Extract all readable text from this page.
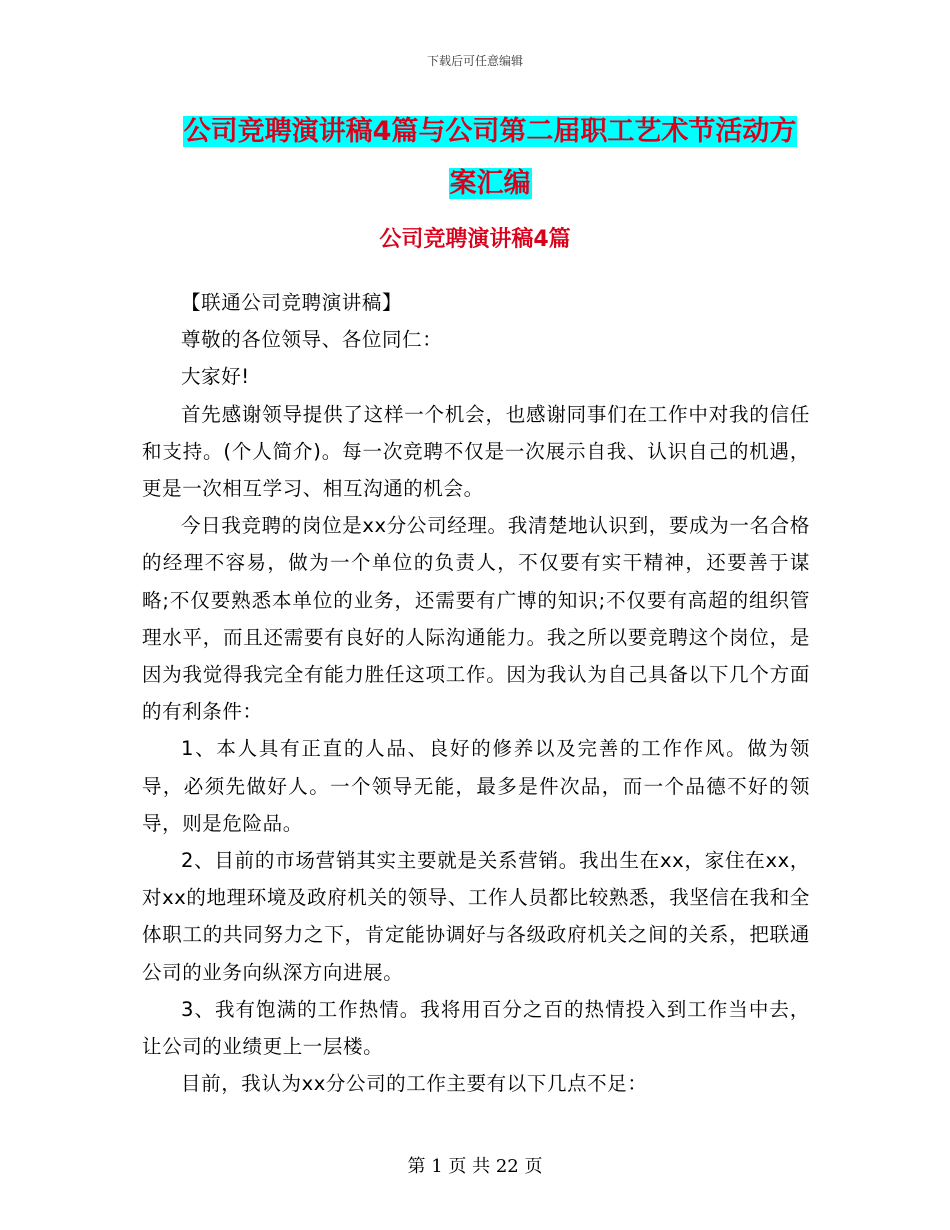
下载后可任意编辑
公司竞聘演讲稿4篇与公司第二届职工艺术节活动方
案汇编
公司竞聘演讲稿4篇

【联通公司竞聘演讲稿】

尊敬的各位领导、各位同仁：

大家好!

首先感谢领导提供了这样一个机会，也感谢同事们在工作中对我的信任和支持。(个人简介)。每一次竞聘不仅是一次展示自我、认识自己的机遇，更是一次相互学习、相互沟通的机会。

今日我竞聘的岗位是xx分公司经理。我清楚地认识到，要成为一名合格的经理不容易，做为一个单位的负责人，不仅要有实干精神，还要善于谋略;不仅要熟悉本单位的业务，还需要有广博的知识;不仅要有高超的组织管理水平，而且还需要有良好的人际沟通能力。我之所以要竞聘这个岗位，是因为我觉得我完全有能力胜任这项工作。因为我认为自己具备以下几个方面的有利条件：

1、本人具有正直的人品、良好的修养以及完善的工作作风。做为领导，必须先做好人。一个领导无能，最多是件次品，而一个品德不好的领导，则是危险品。

2、目前的市场营销其实主要就是关系营销。我出生在xx，家住在xx，对xx的地理环境及政府机关的领导、工作人员都比较熟悉，我坚信在我和全体职工的共同努力之下，肯定能协调好与各级政府机关之间的关系，把联通公司的业务向纵深方向进展。

3、我有饱满的工作热情。我将用百分之百的热情投入到工作当中去，让公司的业绩更上一层楼。

目前，我认为xx分公司的工作主要有以下几点不足：

第 1 页 共 22 页
